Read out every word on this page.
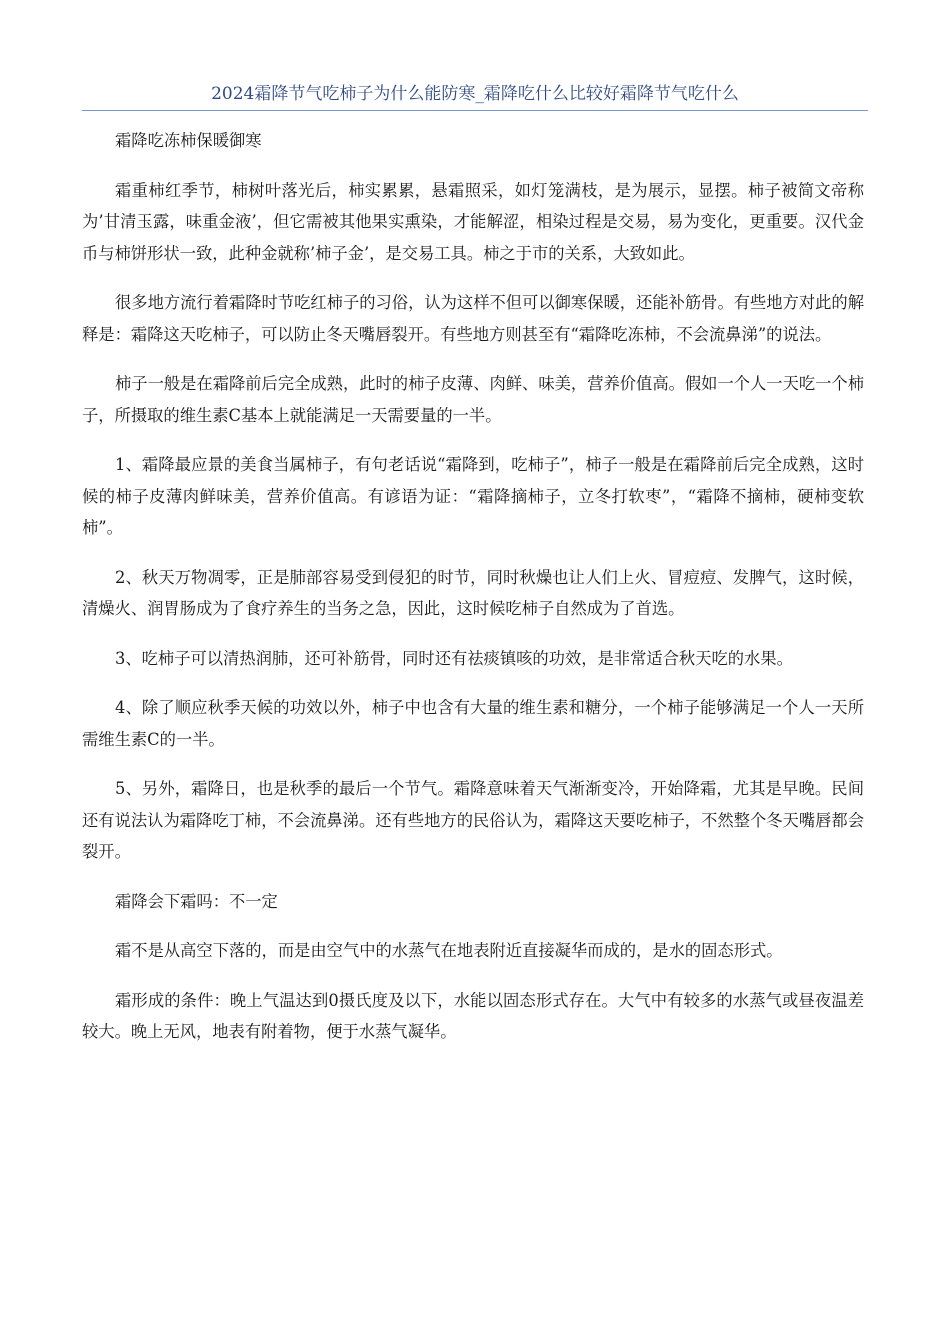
2024霜降节气吃柿子为什么能防寒_霜降吃什么比较好霜降节气吃什么

霜降吃冻柿保暖御寒

霜重柿红季节，柿树叶落光后，柿实累累，悬霜照采，如灯笼满枝，是为展示，显摆。柿子被简文帝称为’甘清玉露，味重金液’，但它需被其他果实熏染，才能解涩，相染过程是交易，易为变化，更重要。汉代金币与柿饼形状一致，此种金就称’柿子金’，是交易工具。柿之于市的关系，大致如此。

很多地方流行着霜降时节吃红柿子的习俗，认为这样不但可以御寒保暖，还能补筋骨。有些地方对此的解释是：霜降这天吃柿子，可以防止冬天嘴唇裂开。有些地方则甚至有“霜降吃冻柿，不会流鼻涕”的说法。

柿子一般是在霜降前后完全成熟，此时的柿子皮薄、肉鲜、味美，营养价值高。假如一个人一天吃一个柿子，所摄取的维生素C基本上就能满足一天需要量的一半。

1、霜降最应景的美食当属柿子，有句老话说“霜降到，吃柿子”，柿子一般是在霜降前后完全成熟，这时候的柿子皮薄肉鲜味美，营养价值高。有谚语为证：“霜降摘柿子，立冬打软枣”，“霜降不摘柿，硬柿变软柿”。

2、秋天万物凋零，正是肺部容易受到侵犯的时节，同时秋燥也让人们上火、冒痘痘、发脾气，这时候，清燥火、润胃肠成为了食疗养生的当务之急，因此，这时候吃柿子自然成为了首选。

3、吃柿子可以清热润肺，还可补筋骨，同时还有祛痰镇咳的功效，是非常适合秋天吃的水果。

4、除了顺应秋季天候的功效以外，柿子中也含有大量的维生素和糖分，一个柿子能够满足一个人一天所需维生素C的一半。

5、另外，霜降日，也是秋季的最后一个节气。霜降意味着天气渐渐变冷，开始降霜，尤其是早晚。民间还有说法认为霜降吃丁柿，不会流鼻涕。还有些地方的民俗认为，霜降这天要吃柿子，不然整个冬天嘴唇都会裂开。

霜降会下霜吗：不一定

霜不是从高空下落的，而是由空气中的水蒸气在地表附近直接凝华而成的，是水的固态形式。

霜形成的条件：晚上气温达到0摄氏度及以下，水能以固态形式存在。大气中有较多的水蒸气或昼夜温差较大。晚上无风，地表有附着物，便于水蒸气凝华。
